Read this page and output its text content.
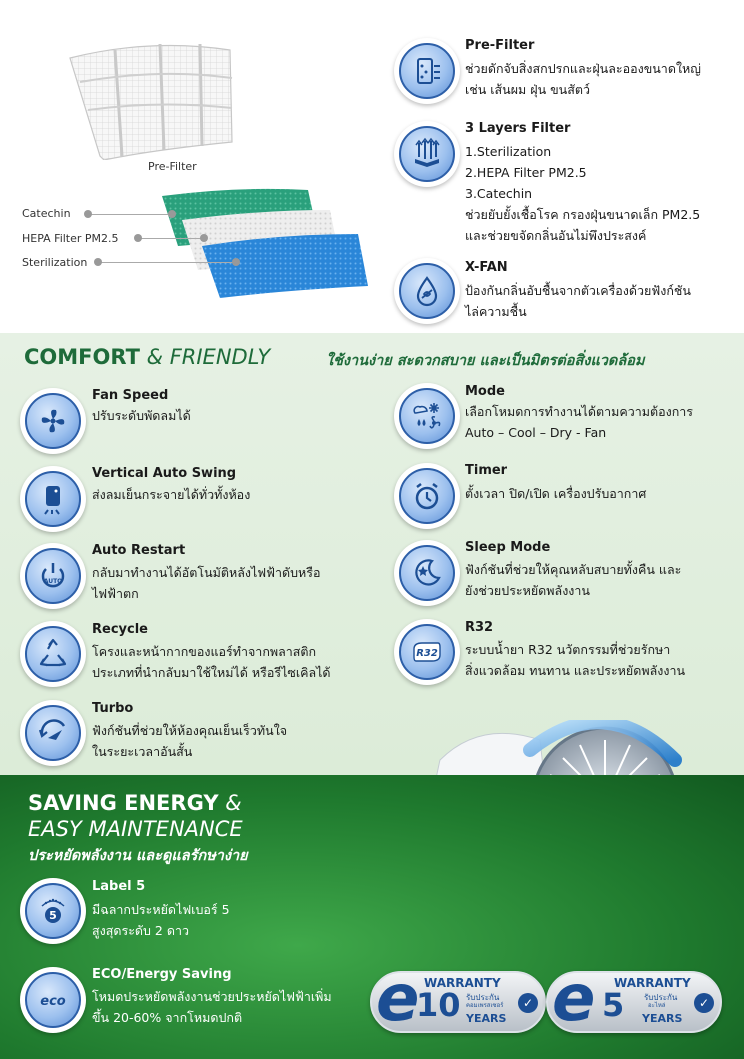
Pre-Filter
Catechin
HEPA Filter PM2.5
Sterilization
Pre-Filter
ช่วยดักจับสิ่งสกปรกและฝุ่นละอองขนาดใหญ่
เช่น เส้นผม ฝุ่น ขนสัตว์
3 Layers Filter
1.Sterilization
2.HEPA Filter PM2.5
3.Catechin
ช่วยยับยั้งเชื้อโรค กรองฝุ่นขนาดเล็ก PM2.5
และช่วยขจัดกลิ่นอันไม่พึงประสงค์
X-FAN
ป้องกันกลิ่นอับชื้นจากตัวเครื่องด้วยฟังก์ชัน
ไล่ความชื้น
COMFORT & FRIENDLY	ใช้งานง่าย สะดวกสบาย และเป็นมิตรต่อสิ่งแวดล้อม
Fan Speed
ปรับระดับพัดลมได้
Vertical Auto Swing
ส่งลมเย็นกระจายได้ทั่วทั้งห้อง
AUTO
Auto Restart
กลับมาทำงานได้อัตโนมัติหลังไฟฟ้าดับหรือ
ไฟฟ้าตก
Recycle
โครงและหน้ากากของแอร์ทำจากพลาสติก
ประเภทที่นำกลับมาใช้ใหม่ได้ หรือรีไซเคิลได้
Turbo
ฟังก์ชันที่ช่วยให้ห้องคุณเย็นเร็วทันใจ
ในระยะเวลาอันสั้น
Mode
เลือกโหมดการทำงานได้ตามความต้องการ
Auto – Cool – Dry - Fan
Timer
ตั้งเวลา ปิด/เปิด เครื่องปรับอากาศ
Sleep Mode
ฟังก์ชันที่ช่วยให้คุณหลับสบายทั้งคืน และ
ยังช่วยประหยัดพลังงาน
R32
R32
ระบบน้ำยา R32 นวัตกรรมที่ช่วยรักษา
สิ่งแวดล้อม ทนทาน และประหยัดพลังงาน
SAVING ENERGY &
EASY MAINTENANCE
ประหยัดพลังงาน และดูแลรักษาง่าย
5
Label 5
มีฉลากประหยัดไฟเบอร์ 5
สูงสุดระดับ 2 ดาว
eco
ECO/Energy Saving
โหมดประหยัดพลังงานช่วยประหยัดไฟฟ้าเพิ่ม
ขึ้น 20-60% จากโหมดปกติ	e WARRANTY
10 รับประกัน
คอมเพรสเซอร์
YEARS
✓ e WARRANTY
5 รับประกัน
อะไหล่
YEARS
✓
